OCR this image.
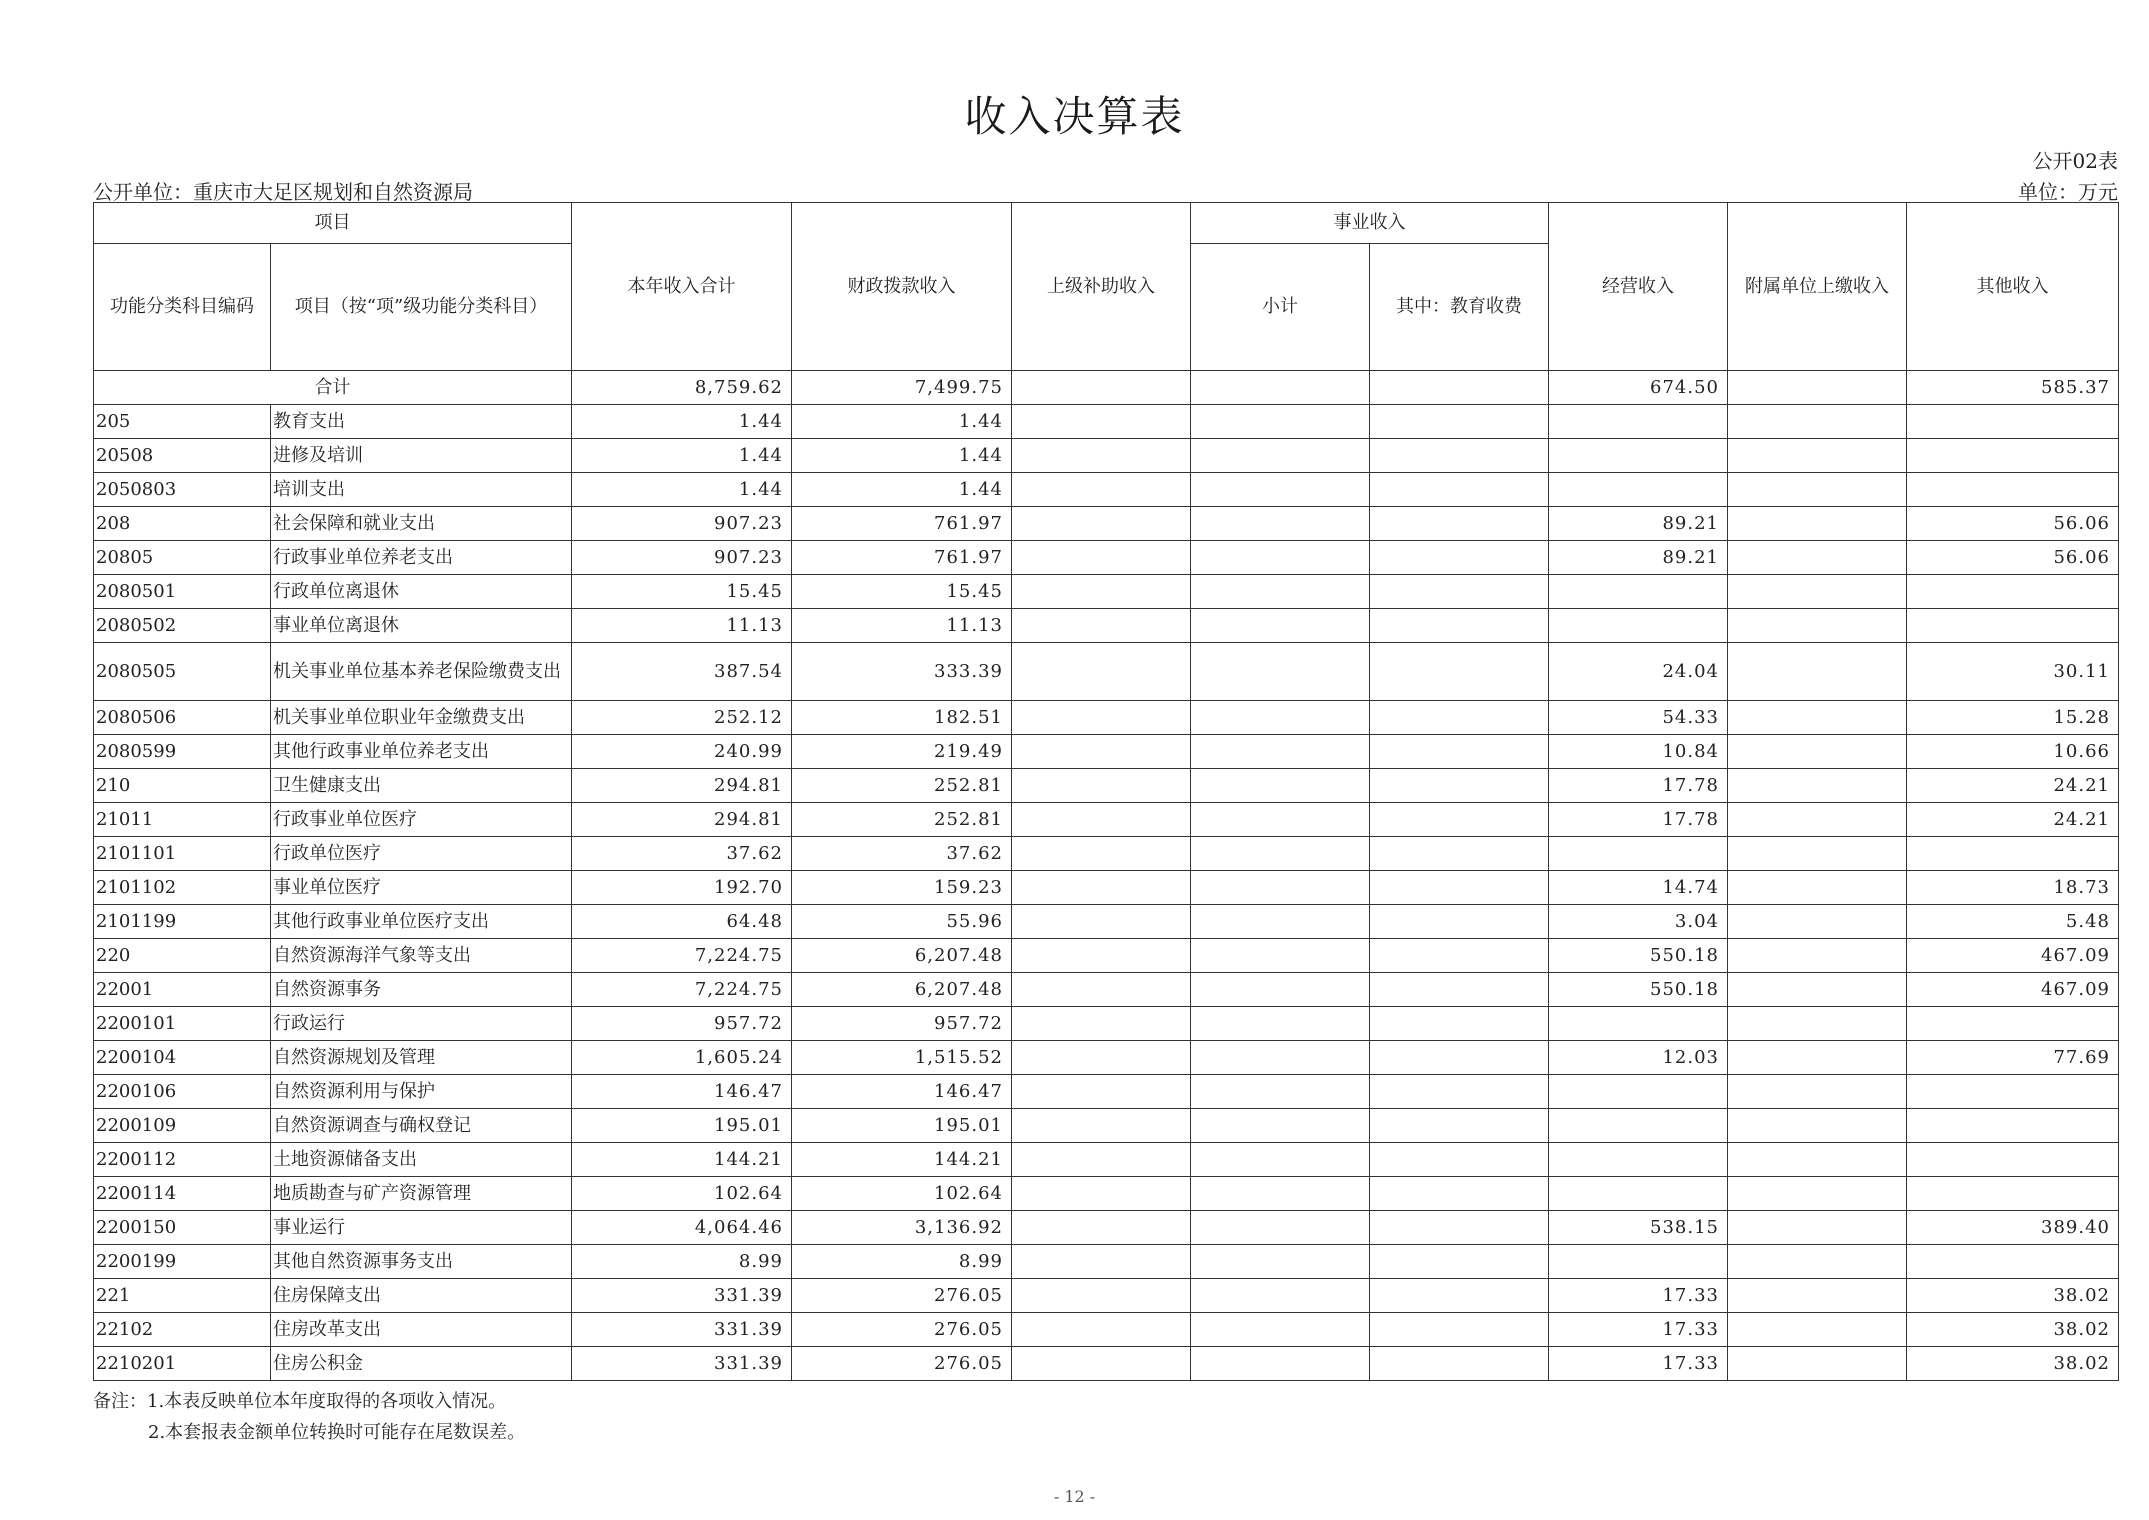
收入决算表
公开02表
公开单位：重庆市大足区规划和自然资源局	单位：万元
项目		本年收入合计	财政拨款收入	上级补助收入	事业收入		经营收入	附属单位上缴收入	其他收入
功能分类科目编码	项目（按“项”级功能分类科目）				小计	其中：教育收费			
合计		8,759.62	7,499.75				674.50		585.37
205	教育支出	1.44	1.44						
20508	进修及培训	1.44	1.44						
2050803	培训支出	1.44	1.44						
208	社会保障和就业支出	907.23	761.97				89.21		56.06
20805	行政事业单位养老支出	907.23	761.97				89.21		56.06
2080501	行政单位离退休	15.45	15.45						
2080502	事业单位离退休	11.13	11.13						
2080505	机关事业单位基本养老保险缴费支出	387.54	333.39				24.04		30.11
2080506	机关事业单位职业年金缴费支出	252.12	182.51				54.33		15.28
2080599	其他行政事业单位养老支出	240.99	219.49				10.84		10.66
210	卫生健康支出	294.81	252.81				17.78		24.21
21011	行政事业单位医疗	294.81	252.81				17.78		24.21
2101101	行政单位医疗	37.62	37.62						
2101102	事业单位医疗	192.70	159.23				14.74		18.73
2101199	其他行政事业单位医疗支出	64.48	55.96				3.04		5.48
220	自然资源海洋气象等支出	7,224.75	6,207.48				550.18		467.09
22001	自然资源事务	7,224.75	6,207.48				550.18		467.09
2200101	行政运行	957.72	957.72						
2200104	自然资源规划及管理	1,605.24	1,515.52				12.03		77.69
2200106	自然资源利用与保护	146.47	146.47						
2200109	自然资源调查与确权登记	195.01	195.01						
2200112	土地资源储备支出	144.21	144.21						
2200114	地质勘查与矿产资源管理	102.64	102.64						
2200150	事业运行	4,064.46	3,136.92				538.15		389.40
2200199	其他自然资源事务支出	8.99	8.99						
221	住房保障支出	331.39	276.05				17.33		38.02
22102	住房改革支出	331.39	276.05				17.33		38.02
2210201	住房公积金	331.39	276.05				17.33		38.02
备注：1.本表反映单位本年度取得的各项收入情况。
2.本套报表金额单位转换时可能存在尾数误差。
- 12 -
